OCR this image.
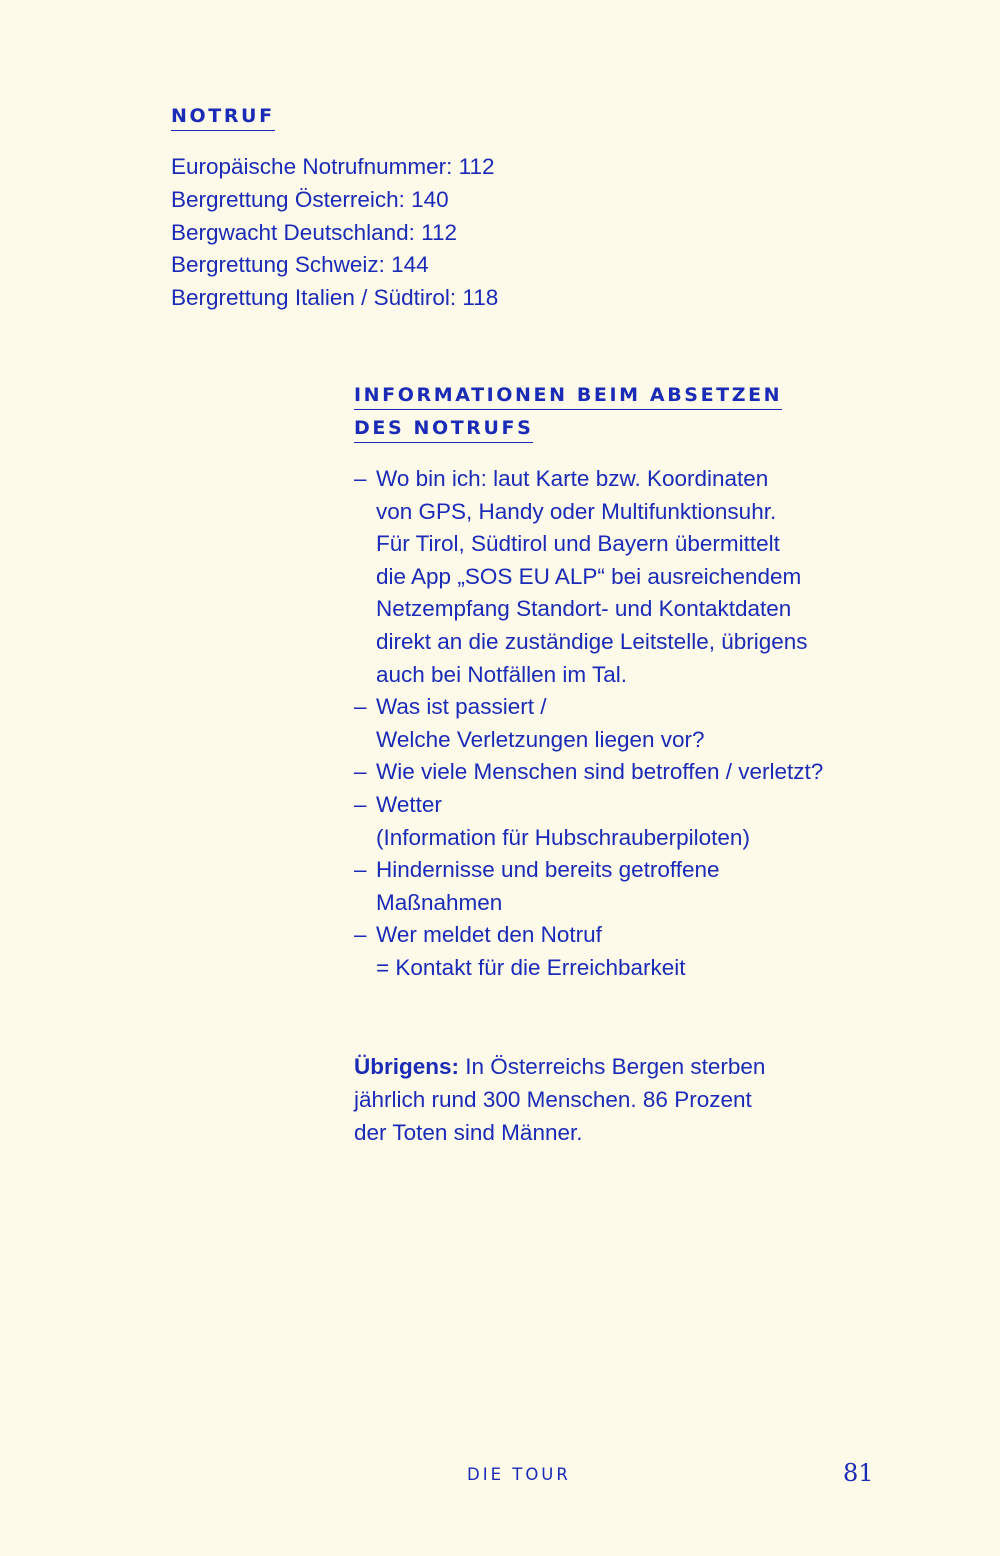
NOTRUF
Europäische Notrufnummer: 112
Bergrettung Österreich: 140
Bergwacht Deutschland: 112
Bergrettung Schweiz: 144
Bergrettung Italien / Südtirol: 118
INFORMATIONEN BEIM ABSETZEN
DES NOTRUFS
– Wo bin ich: laut Karte bzw. Koordinaten
von GPS, Handy oder Multifunktionsuhr.
Für Tirol, Südtirol und Bayern übermittelt
die App „SOS EU ALP“ bei ausreichendem
Netzempfang Standort- und Kontaktdaten
direkt an die zuständige Leitstelle, übrigens
auch bei Notfällen im Tal.
– Was ist passiert /
Welche Verletzungen liegen vor?
– Wie viele Menschen sind betroffen / verletzt?
– Wetter
(Information für Hubschrauberpiloten)
– Hindernisse und bereits getroffene
Maßnahmen
– Wer meldet den Notruf
= Kontakt für die Erreichbarkeit

Übrigens: In Österreichs Bergen sterben
jährlich rund 300 Menschen. 86 Prozent
der Toten sind Männer.

DIE TOUR	81
